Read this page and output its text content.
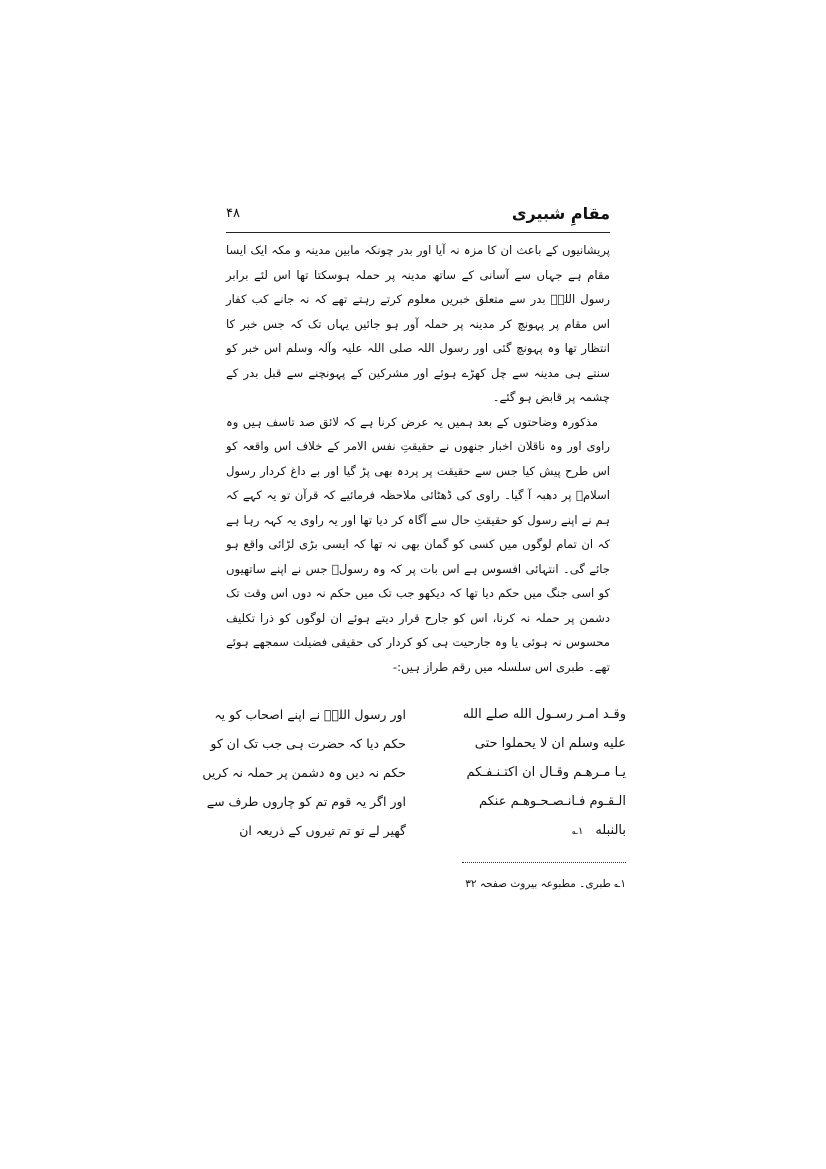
مقامِ شبیری
۴۸

پریشانیوں کے باعث ان کا مزہ نہ آیا اور بدر چونکہ مابین مدینہ و مکہ ایک ایسا مقام ہے جہاں سے آسانی کے ساتھ مدینہ پر حملہ ہوسکتا تھا اس لئے برابر رسول اللہؐ بدر سے متعلق خبریں معلوم کرتے رہتے تھے کہ نہ جانے کب کفار اس مقام پر پہونچ کر مدینہ پر حملہ آور ہو جائیں یہاں تک کہ جس خبر کا انتظار تھا وہ پہونچ گئی اور رسول اللہ صلی اللہ علیہ وآلہ وسلم اس خبر کو سنتے ہی مدینہ سے چل کھڑے ہوئے اور مشرکین کے پہونچنے سے قبل بدر کے چشمہ پر قابض ہو گئے۔

مذکورہ وضاحتوں کے بعد ہمیں یہ عرض کرنا ہے کہ لائق صد تاسف ہیں وہ راوی اور وہ ناقلان اخبار جنھوں نے حقیقتِ نفس الامر کے خلاف اس واقعہ کو اس طرح پیش کیا جس سے حقیقت پر پردہ بھی پڑ گیا اور بے داغ کردار رسول اسلامؐ پر دھبہ آ گیا۔ راوی کی ڈھٹائی ملاحظہ فرمائیے کہ قرآن تو یہ کہے کہ ہم نے اپنے رسول کو حقیقتِ حال سے آگاہ کر دیا تھا اور یہ راوی یہ کہہ رہا ہے کہ ان تمام لوگوں میں کسی کو گمان بھی نہ تھا کہ ایسی بڑی لڑائی واقع ہو جائے گی۔ انتہائی افسوس ہے اس بات پر کہ وہ رسولؐ جس نے اپنے ساتھیوں کو اسی جنگ میں حکم دیا تھا کہ دیکھو جب تک میں حکم نہ دوں اس وقت تک دشمن پر حملہ نہ کرنا، اس کو جارح قرار دیتے ہوئے ان لوگوں کو ذرا تکلیف محسوس نہ ہوئی یا وہ جارحیت ہی کو کردار کی حقیقی فضیلت سمجھے ہوئے تھے۔ طبری اس سلسلہ میں رقم طراز ہیں:-

وقـد امـر رسـول الله صلے الله
عليه وسلم ان لا يحملوا حتى
يـا مـرهـم وقـال ان اكتـنـفـكم
الـقـوم فـانـصـحـوهـم عنكم
بالنبله۱؎
اور رسول اللہؐ نے اپنے اصحاب کو یہ
حکم دیا کہ حضرت ہی جب تک ان کو
حکم نہ دیں وہ دشمن پر حملہ نہ کریں
اور اگر یہ قوم تم کو چاروں طرف سے
گھیر لے تو تم تیروں کے ذریعہ ان
۱؎ طبری۔ مطبوعہ بیروت صفحہ ۳۲
